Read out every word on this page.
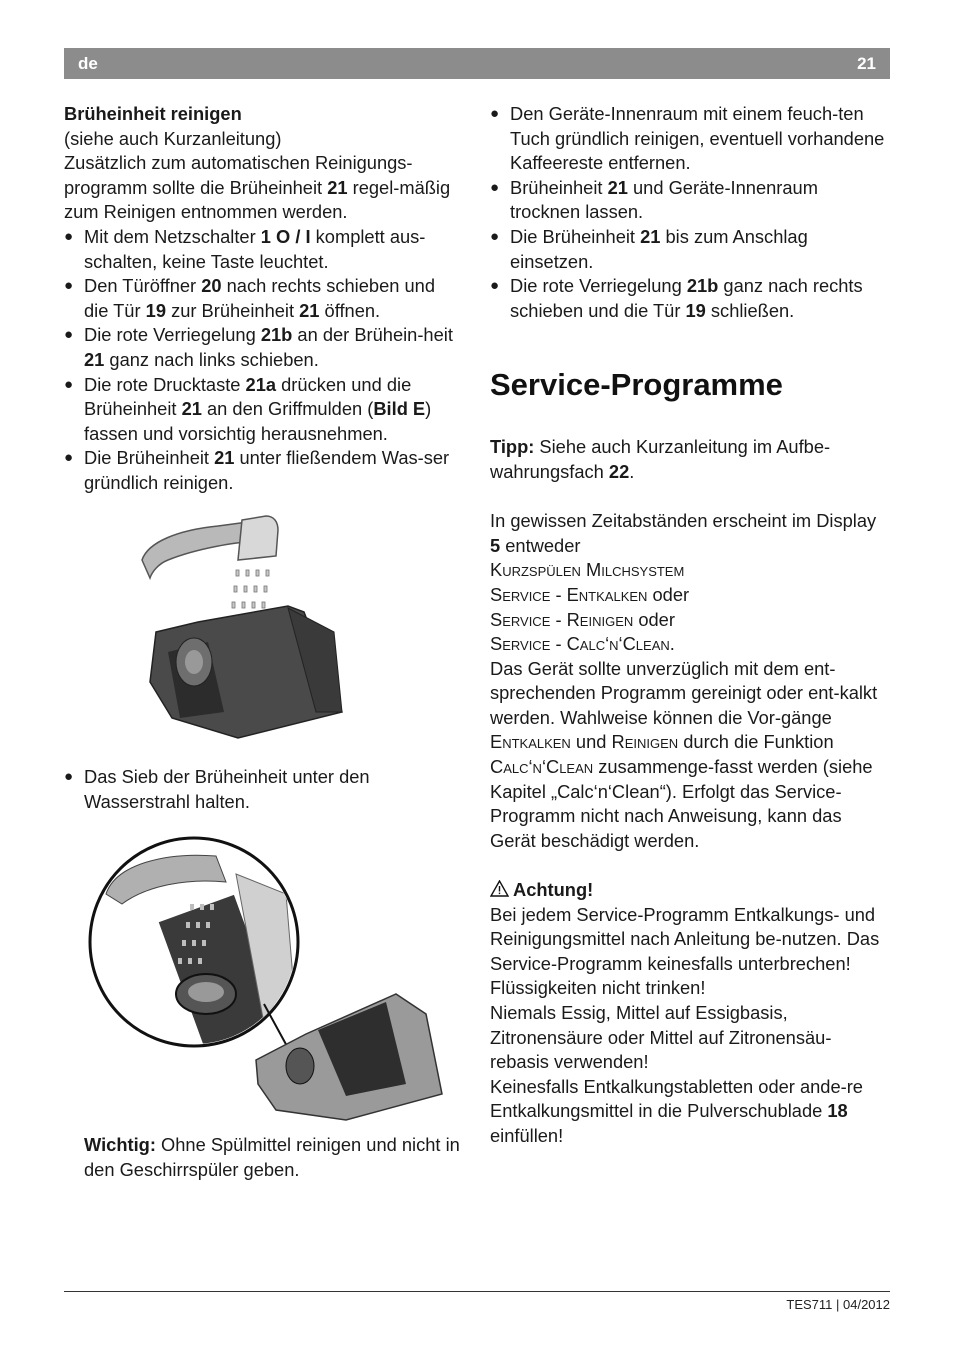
de	21

Brüheinheit reinigen

(siehe auch Kurzanleitung)

Zusätzlich zum automatischen Reinigungs-programm sollte die Brüheinheit 21 regel-mäßig zum Reinigen entnommen werden.

● Mit dem Netzschalter 1 O / I komplett aus-schalten, keine Taste leuchtet.
● Den Türöffner 20 nach rechts schieben und die Tür 19 zur Brüheinheit 21 öffnen.
● Die rote Verriegelung 21b an der Brühein-heit 21 ganz nach links schieben.
● Die rote Drucktaste 21a drücken und die Brüheinheit 21 an den Griffmulden (Bild E) fassen und vorsichtig herausnehmen.
● Die Brüheinheit 21 unter fließendem Was-ser gründlich reinigen.
● Das Sieb der Brüheinheit unter den Wasserstrahl halten.
Wichtig: Ohne Spülmittel reinigen und nicht in den Geschirrspüler geben.
● Den Geräte-Innenraum mit einem feuch-ten Tuch gründlich reinigen, eventuell vorhandene Kaffeereste entfernen.
● Brüheinheit 21 und Geräte-Innenraum trocknen lassen.
● Die Brüheinheit 21 bis zum Anschlag einsetzen.
● Die rote Verriegelung 21b ganz nach rechts schieben und die Tür 19 schließen.
Service-Programme

Tipp: Siehe auch Kurzanleitung im Aufbe-wahrungsfach 22.

In gewissen Zeitabständen erscheint im Display 5 entweder

Kurzspülen Milchsystem

Service - Entkalken oder

Service - Reinigen oder

Service - Calc‘n‘Clean.

Das Gerät sollte unverzüglich mit dem ent-sprechenden Programm gereinigt oder ent-kalkt werden. Wahlweise können die Vor-gänge Entkalken und Reinigen durch die Funktion Calc‘n‘Clean zusammenge-fasst werden (siehe Kapitel „Calc‘n‘Clean“). Erfolgt das Service-Programm nicht nach Anweisung, kann das Gerät beschädigt werden.

Achtung!

Bei jedem Service-Programm Entkalkungs- und Reinigungsmittel nach Anleitung be-nutzen. Das Service-Programm keinesfalls unterbrechen!

Flüssigkeiten nicht trinken!

Niemals Essig, Mittel auf Essigbasis, Zitronensäure oder Mittel auf Zitronensäu-rebasis verwenden!

Keinesfalls Entkalkungstabletten oder ande-re Entkalkungsmittel in die Pulverschublade 18 einfüllen!

TES711 | 04/2012
